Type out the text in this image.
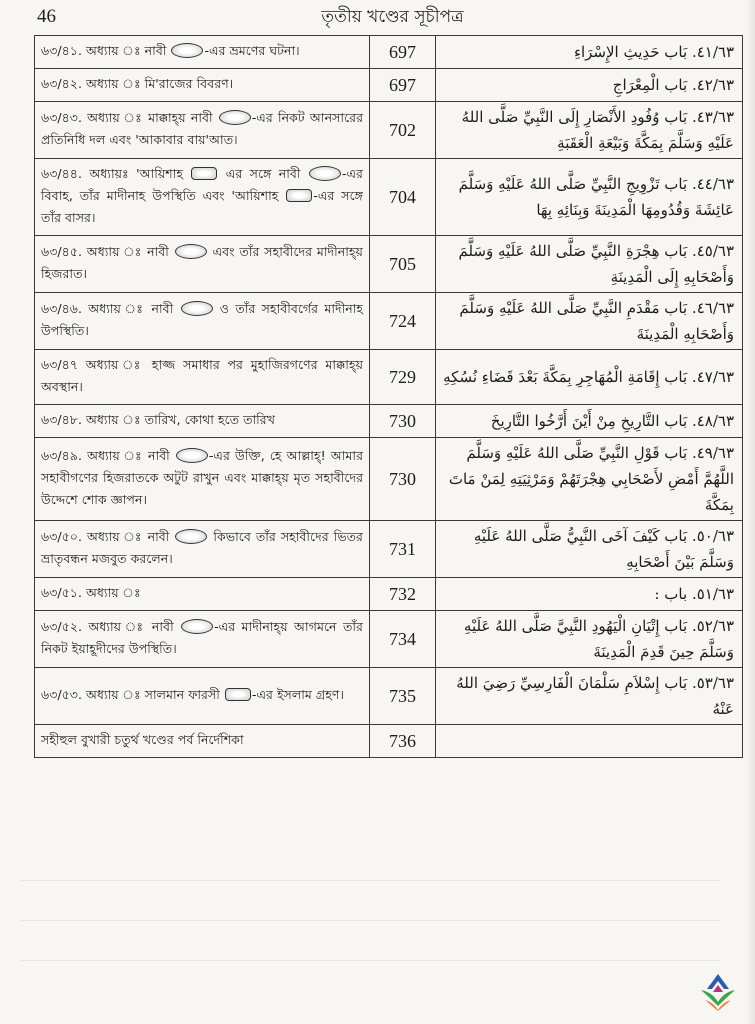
46	তৃতীয় খণ্ডের সূচীপত্র
৬৩/৪১. অধ্যায় ঃ নাবী -এর ভ্রমণের ঘটনা।	697	٤١/٦٣. بَاب حَدِيثِ الإِسْرَاءِ
৬৩/৪২. অধ্যায় ঃ মি'রাজের বিবরণ।	697	٤٢/٦٣. بَاب الْمِعْرَاجِ
৬৩/৪৩. অধ্যায় ঃ মাক্কাহ্য় নাবী -এর নিকট আনসারের প্রতিনিধি দল এবং 'আকাবার বায়'আত।	702	٤٣/٦٣. بَاب وُفُودِ الأَنْصَارِ إِلَى النَّبِيِّ صَلَّى اللهُ عَلَيْهِ وَسَلَّمَ بِمَكَّةَ وَبَيْعَةِ الْعَقَبَةِ
৬৩/৪৪. অধ্যায়ঃ 'আয়িশাহ  এর সঙ্গে নাবী -এর বিবাহ, তাঁর মাদীনাহ উপস্থিতি এবং 'আয়িশাহ -এর সঙ্গে তাঁর বাসর।	704	٤٤/٦٣. بَاب تَزْوِيجِ النَّبِيِّ صَلَّى اللهُ عَلَيْهِ وَسَلَّمَ عَائِشَةَ وَقُدُومِهَا الْمَدِينَةَ وَبِنَائِهِ بِهَا
৬৩/৪৫. অধ্যায় ঃ নাবী এবং তাঁর সহাবীদের মাদীনাহ্য় হিজরাত।	705	٤٥/٦٣. بَاب هِجْرَةِ النَّبِيِّ صَلَّى اللهُ عَلَيْهِ وَسَلَّمَ وَأَصْحَابِهِ إِلَى الْمَدِينَةِ
৬৩/৪৬. অধ্যায় ঃ নাবী ও তাঁর সহাবীবর্গের মাদীনাহ উপস্থিতি।	724	٤٦/٦٣. بَاب مَقْدَمِ النَّبِيِّ صَلَّى اللهُ عَلَيْهِ وَسَلَّمَ وَأَصْحَابِهِ الْمَدِينَةَ
৬৩/৪৭ অধ্যায় ঃ হাজ্জ সমাধার পর মুহাজিরগণের মাক্কাহ্য় অবস্থান।	729	٤٧/٦٣. بَاب إِقَامَةِ الْمُهَاجِرِ بِمَكَّةَ بَعْدَ قَضَاءِ نُسُكِهِ
৬৩/৪৮. অধ্যায় ঃ তারিখ, কোথা হতে তারিখ	730	٤٨/٦٣. بَاب التَّارِيخِ مِنْ أَيْنَ أَرَّخُوا التَّارِيخَ
৬৩/৪৯. অধ্যায় ঃ নাবী -এর উক্তি, হে আল্লাহ্! আমার সহাবীগণের হিজরাতকে অটুট রাখুন এবং মাক্কাহ্য় মৃত সহাবীদের উদ্দেশে শোক জ্ঞাপন।	730	٤٩/٦٣. بَاب قَوْلِ النَّبِيِّ صَلَّى اللهُ عَلَيْهِ وَسَلَّمَ اللَّهُمَّ أَمْضِ لأَصْحَابِي هِجْرَتَهُمْ وَمَرْثِيَتِهِ لِمَنْ مَاتَ بِمَكَّةَ
৬৩/৫০. অধ্যায় ঃ নাবী কিভাবে তাঁর সহাবীদের ভিতর ভ্রাতৃবন্ধন মজবুত করলেন।	731	٥٠/٦٣. بَاب كَيْفَ آخَى النَّبِيُّ صَلَّى اللهُ عَلَيْهِ وَسَلَّمَ بَيْنَ أَصْحَابِهِ
৬৩/৫১. অধ্যায় ঃ	732	٥١/٦٣. باب :
৬৩/৫২. অধ্যায় ঃ নাবী -এর মাদীনাহ্য় আগমনে তাঁর নিকট ইয়াহূদীদের উপস্থিতি।	734	٥٢/٦٣. بَاب إِتْيَانِ الْيَهُودِ النَّبِيَّ صَلَّى اللهُ عَلَيْهِ وَسَلَّمَ حِينَ قَدِمَ الْمَدِينَةَ
৬৩/৫৩. অধ্যায় ঃ সালমান ফারসী -এর ইসলাম গ্রহণ।	735	٥٣/٦٣. بَاب إِسْلاَمِ سَلْمَانَ الْفَارِسِيِّ رَضِيَ اللهُ عَنْهُ
সহীহুল বুখারী চতুর্থ খণ্ডের পর্ব নির্দেশিকা	736	
